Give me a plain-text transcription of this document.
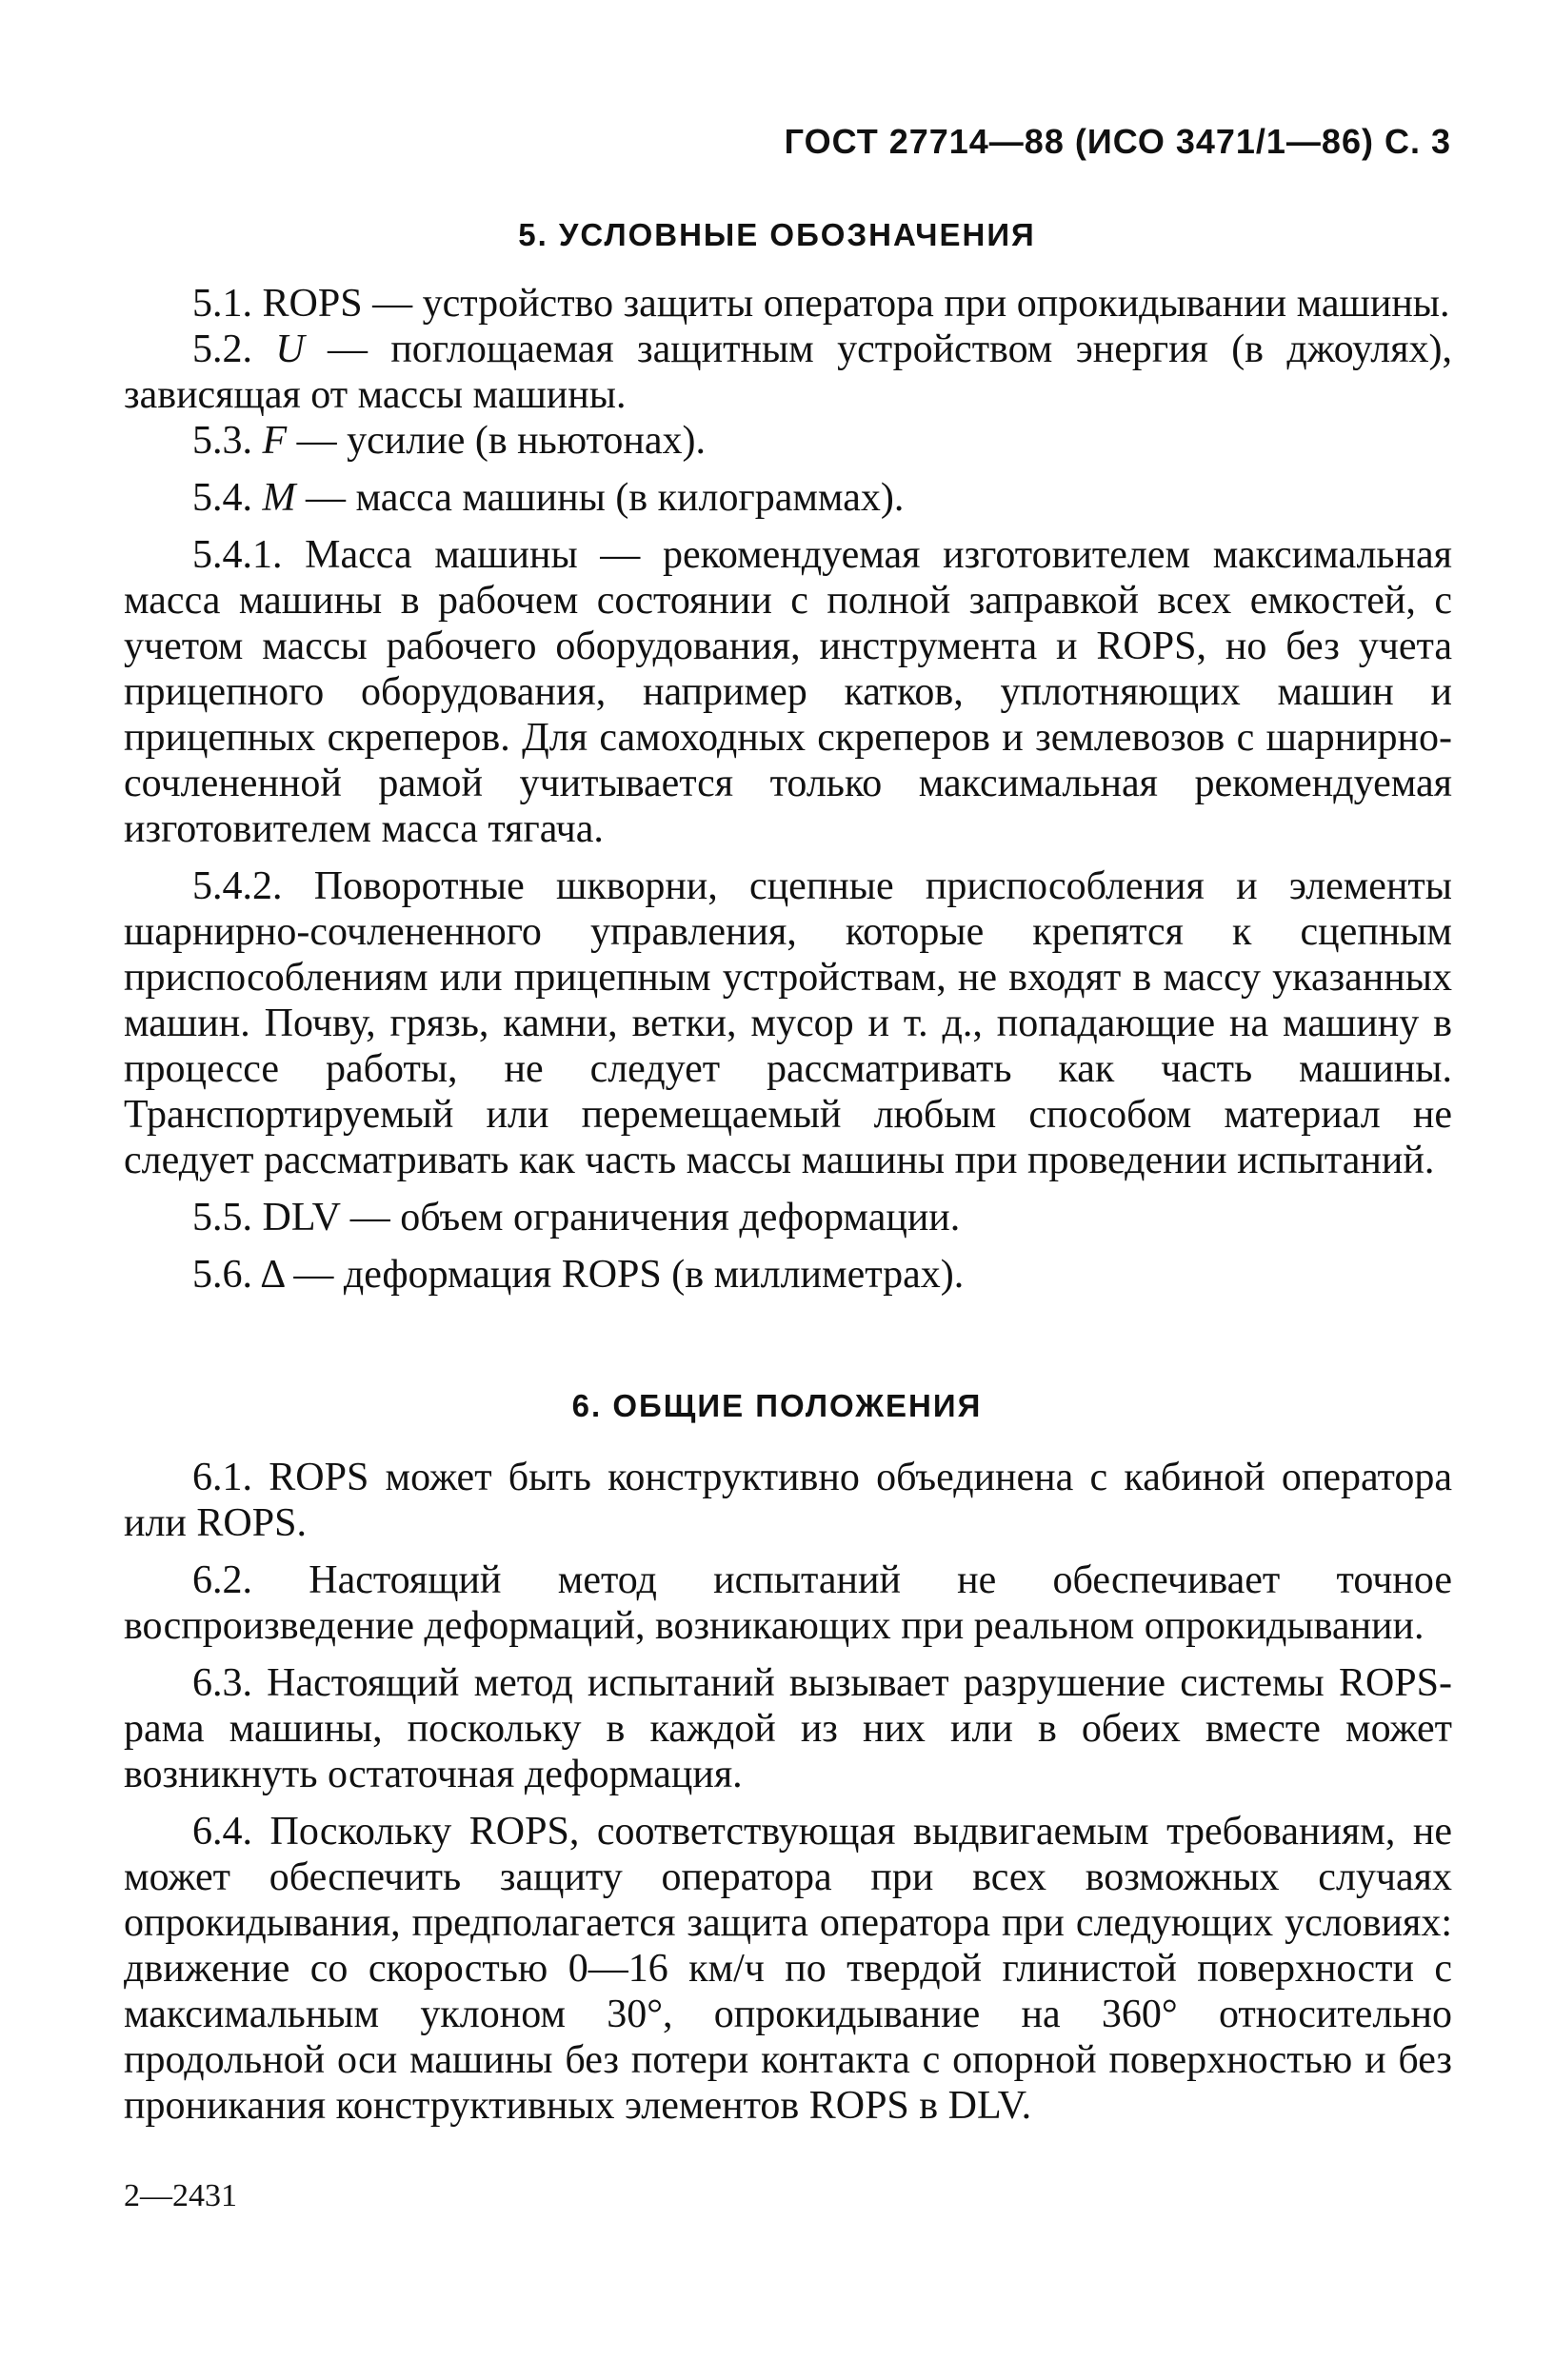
ГОСТ 27714—88 (ИСО 3471/1—86) С. 3
5. УСЛОВНЫЕ ОБОЗНАЧЕНИЯ

5.1. ROPS — устройство защиты оператора при опрокидывании машины.

5.2. U — поглощаемая защитным устройством энергия (в джоулях), зависящая от массы машины.

5.3. F — усилие (в ньютонах).

5.4. M — масса машины (в килограммах).

5.4.1. Масса машины — рекомендуемая изготовителем максимальная масса машины в рабочем состоянии с полной заправкой всех емкостей, с учетом массы рабочего оборудования, инструмента и ROPS, но без учета прицепного оборудования, например катков, уплотняющих машин и прицепных скреперов. Для самоходных скреперов и землевозов с шарнирно-сочлененной рамой учитывается только максимальная рекомендуемая изготовителем масса тягача.

5.4.2. Поворотные шкворни, сцепные приспособления и элементы шарнирно-сочлененного управления, которые крепятся к сцепным приспособлениям или прицепным устройствам, не входят в массу указанных машин. Почву, грязь, камни, ветки, мусор и т. д., попадающие на машину в процессе работы, не следует рассматривать как часть машины. Транспортируемый или перемещаемый любым способом материал не следует рассматривать как часть массы машины при проведении испытаний.

5.5. DLV — объем ограничения деформации.

5.6. Δ — деформация ROPS (в миллиметрах).

6. ОБЩИЕ ПОЛОЖЕНИЯ

6.1. ROPS может быть конструктивно объединена с кабиной оператора или ROPS.

6.2. Настоящий метод испытаний не обеспечивает точное воспроизведение деформаций, возникающих при реальном опрокидывании.

6.3. Настоящий метод испытаний вызывает разрушение системы ROPS-рама машины, поскольку в каждой из них или в обеих вместе может возникнуть остаточная деформация.

6.4. Поскольку ROPS, соответствующая выдвигаемым требованиям, не может обеспечить защиту оператора при всех возможных случаях опрокидывания, предполагается защита оператора при следующих условиях: движение со скоростью 0—16 км/ч по твердой глинистой поверхности с максимальным уклоном 30°, опрокидывание на 360° относительно продольной оси машины без потери контакта с опорной поверхностью и без проникания конструктивных элементов ROPS в DLV.

2—2431
